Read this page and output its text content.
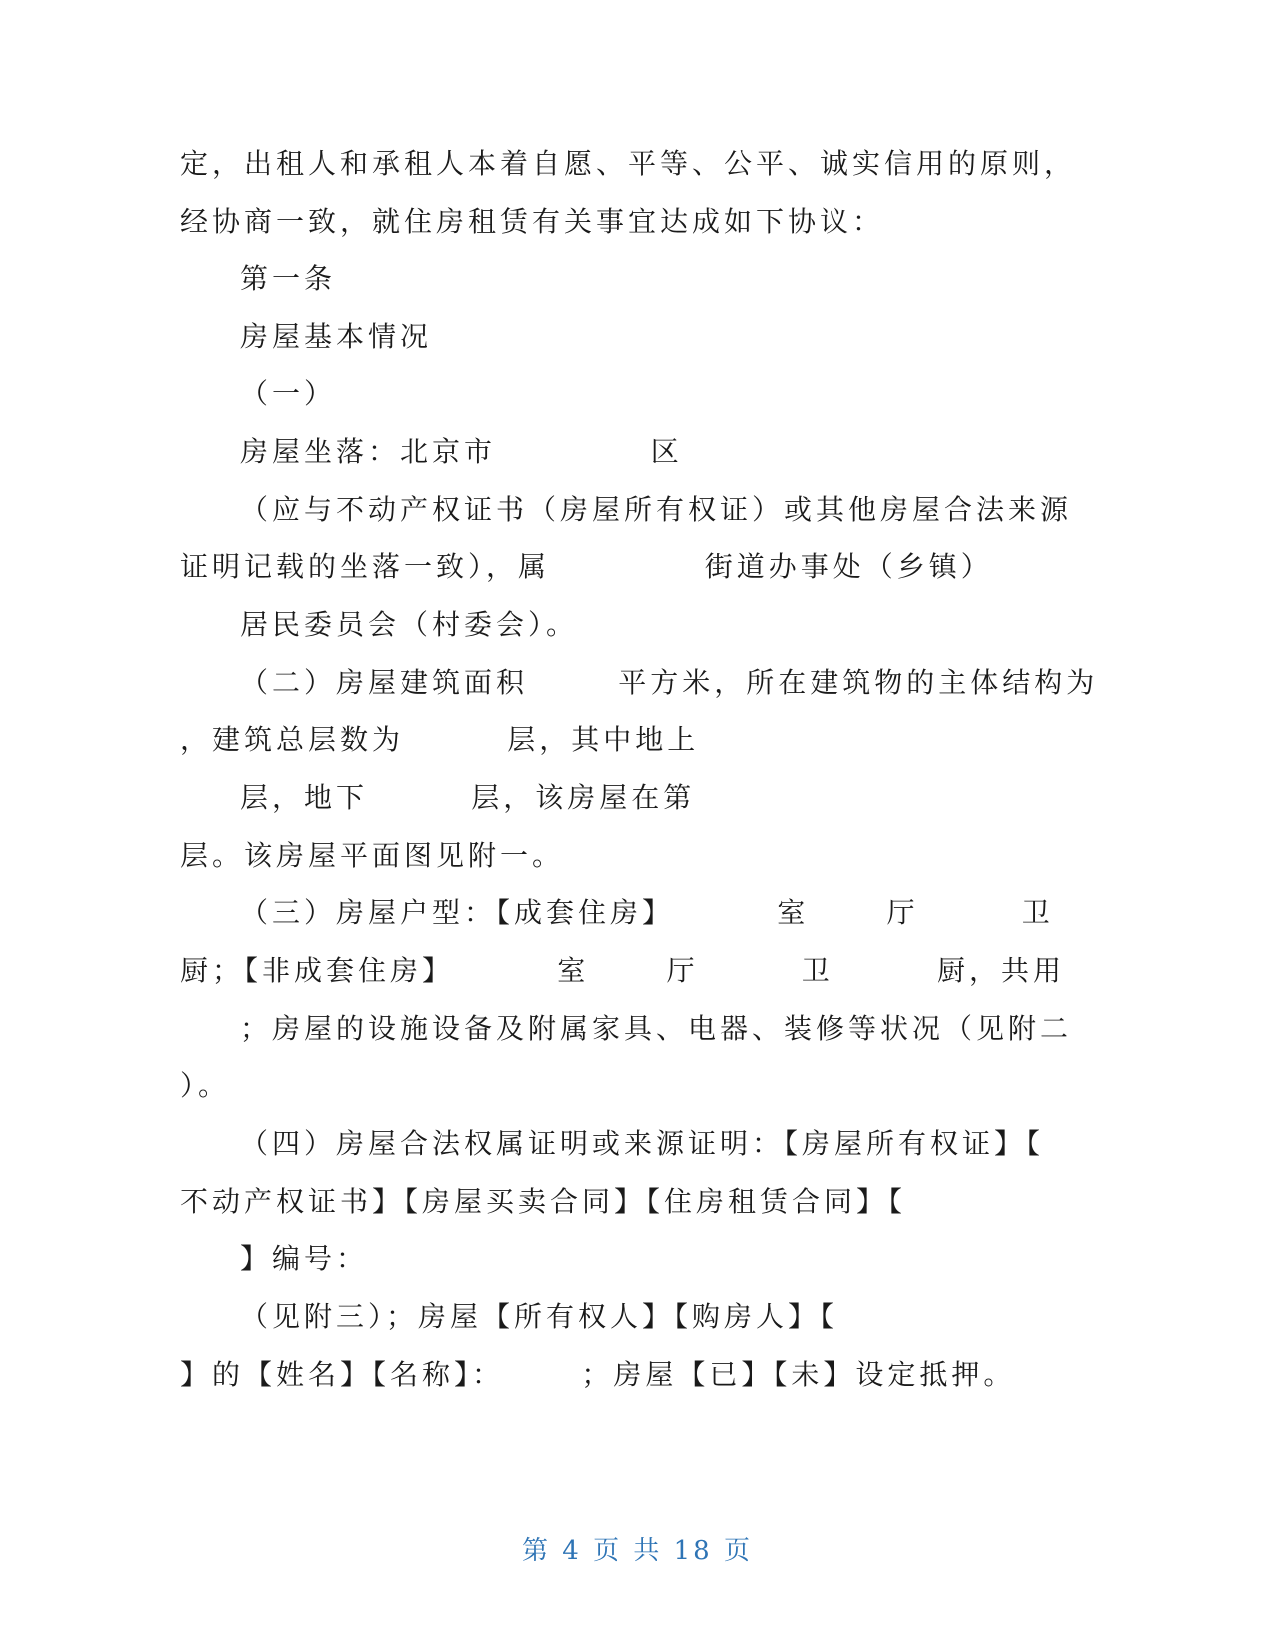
定，出租人和承租人本着自愿、平等、公平、诚实信用的原则，
经协商一致，就住房租赁有关事宜达成如下协议：
第一条
房屋基本情况
（一）
房屋坐落：北京市            区
（应与不动产权证书（房屋所有权证）或其他房屋合法来源
证明记载的坐落一致），属            街道办事处（乡镇）
居民委员会（村委会）。
（二）房屋建筑面积       平方米，所在建筑物的主体结构为
，建筑总层数为        层，其中地上
层，地下        层，该房屋在第
层。该房屋平面图见附一。
（三）房屋户型：【成套住房】        室      厅        卫
厨；【非成套住房】        室      厅        卫        厨，共用
；房屋的设施设备及附属家具、电器、装修等状况（见附二
）。
（四）房屋合法权属证明或来源证明：【房屋所有权证】【
不动产权证书】【房屋买卖合同】【住房租赁合同】【
】编号：
（见附三）；房屋【所有权人】【购房人】【
】的【姓名】【名称】：      ；房屋【已】【未】设定抵押。
第 4 页 共 18 页
